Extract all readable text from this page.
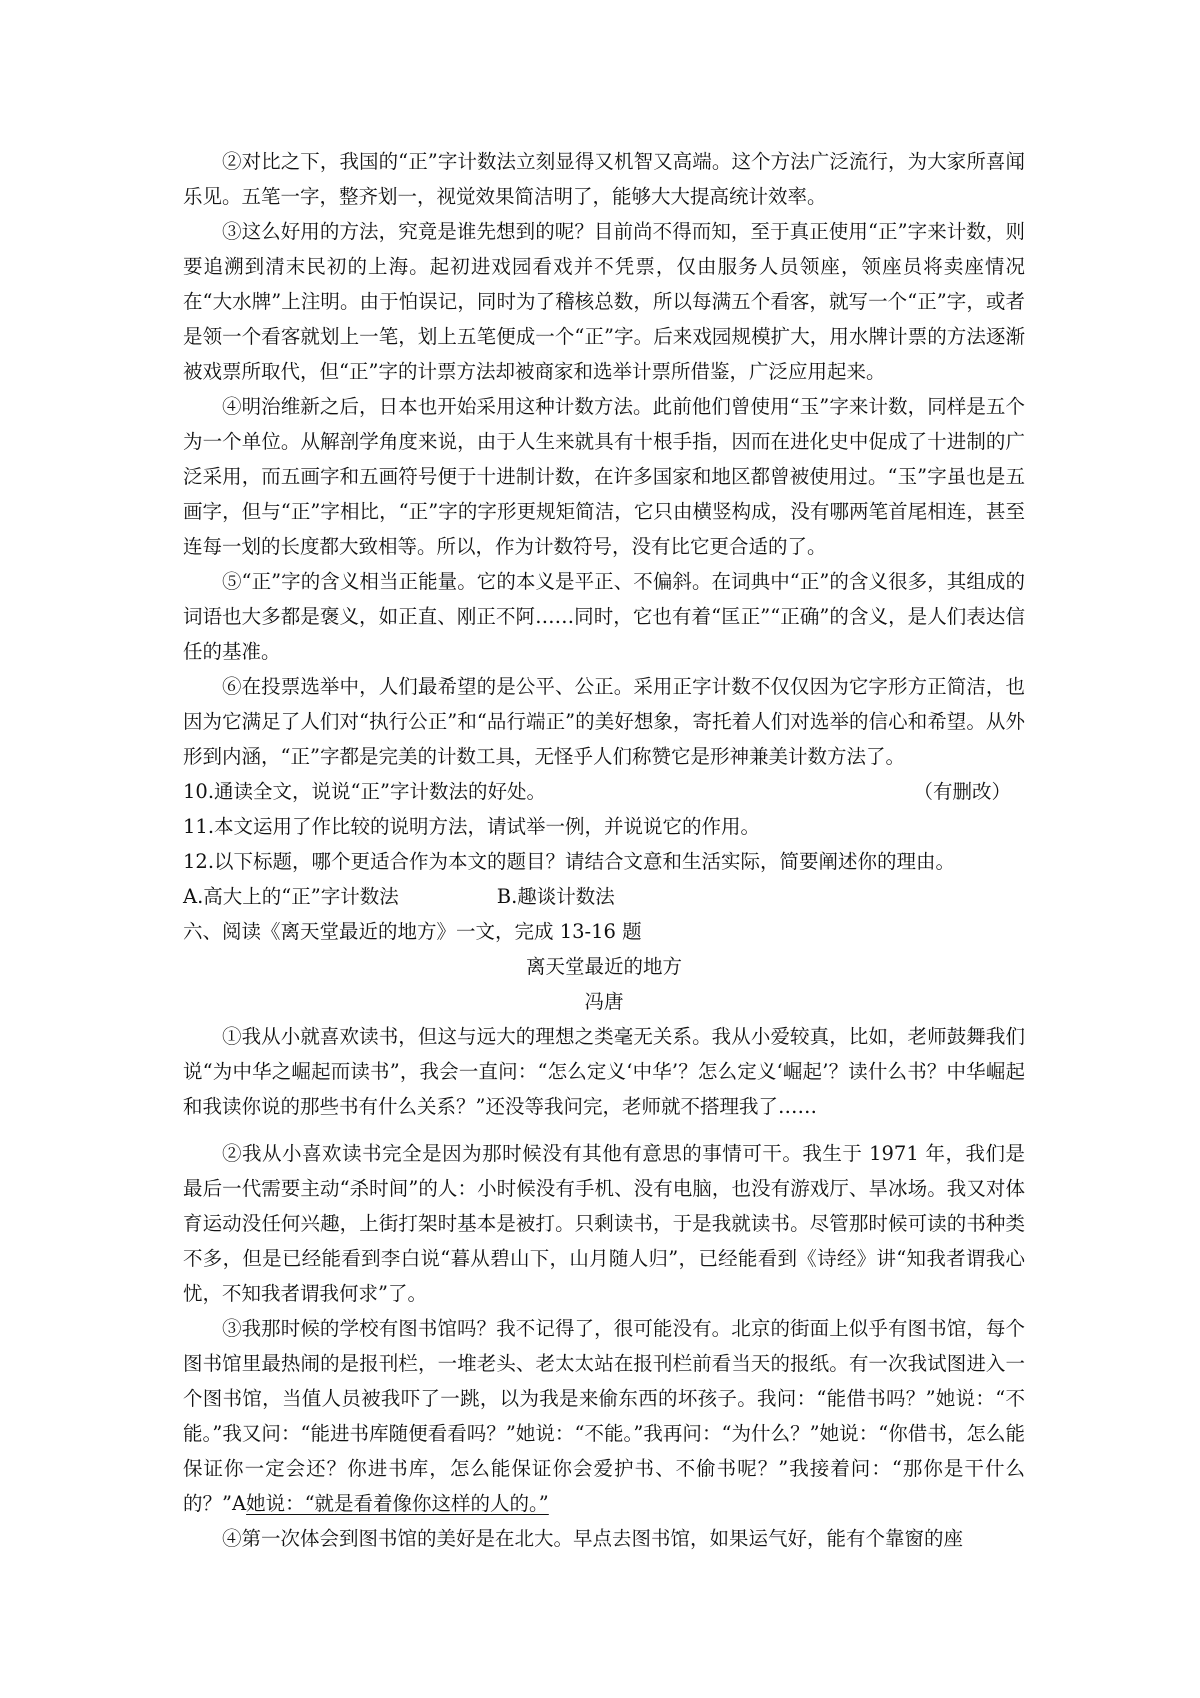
②对比之下，我国的“正”字计数法立刻显得又机智又高端。这个方法广泛流行，为大家所喜闻乐见。五笔一字，整齐划一，视觉效果简洁明了，能够大大提高统计效率。

③这么好用的方法，究竟是谁先想到的呢？目前尚不得而知，至于真正使用“正”字来计数，则要追溯到清末民初的上海。起初进戏园看戏并不凭票，仅由服务人员领座，领座员将卖座情况在“大水牌”上注明。由于怕误记，同时为了稽核总数，所以每满五个看客，就写一个“正”字，或者是领一个看客就划上一笔，划上五笔便成一个“正”字。后来戏园规模扩大，用水牌计票的方法逐渐被戏票所取代，但“正”字的计票方法却被商家和选举计票所借鉴，广泛应用起来。

④明治维新之后，日本也开始采用这种计数方法。此前他们曾使用“玉”字来计数，同样是五个为一个单位。从解剖学角度来说，由于人生来就具有十根手指，因而在进化史中促成了十进制的广泛采用，而五画字和五画符号便于十进制计数，在许多国家和地区都曾被使用过。“玉”字虽也是五画字，但与“正”字相比，“正”字的字形更规矩简洁，它只由横竖构成，没有哪两笔首尾相连，甚至连每一划的长度都大致相等。所以，作为计数符号，没有比它更合适的了。

⑤“正”字的含义相当正能量。它的本义是平正、不偏斜。在词典中“正”的含义很多，其组成的词语也大多都是褒义，如正直、刚正不阿……同时，它也有着“匡正”“正确”的含义，是人们表达信任的基准。

⑥在投票选举中，人们最希望的是公平、公正。采用正字计数不仅仅因为它字形方正简洁，也因为它满足了人们对“执行公正”和“品行端正”的美好想象，寄托着人们对选举的信心和希望。从外形到内涵，“正”字都是完美的计数工具，无怪乎人们称赞它是形神兼美计数方法了。
（有删改）

10.通读全文，说说“正”字计数法的好处。

11.本文运用了作比较的说明方法，请试举一例，并说说它的作用。

12.以下标题，哪个更适合作为本文的题目？请结合文意和生活实际，简要阐述你的理由。

A.高大上的“正”字计数法	B.趣谈计数法

六、阅读《离天堂最近的地方》一文，完成 13-16 题

离天堂最近的地方

冯唐

①我从小就喜欢读书，但这与远大的理想之类毫无关系。我从小爱较真，比如，老师鼓舞我们说“为中华之崛起而读书”，我会一直问：“怎么定义‘中华’？怎么定义‘崛起’？读什么书？中华崛起和我读你说的那些书有什么关系？”还没等我问完，老师就不搭理我了……

②我从小喜欢读书完全是因为那时候没有其他有意思的事情可干。我生于 1971 年，我们是最后一代需要主动“杀时间”的人：小时候没有手机、没有电脑，也没有游戏厅、旱冰场。我又对体育运动没任何兴趣，上街打架时基本是被打。只剩读书，于是我就读书。尽管那时候可读的书种类不多，但是已经能看到李白说“暮从碧山下，山月随人归”，已经能看到《诗经》讲“知我者谓我心忧，不知我者谓我何求”了。

③我那时候的学校有图书馆吗？我不记得了，很可能没有。北京的街面上似乎有图书馆，每个图书馆里最热闹的是报刊栏，一堆老头、老太太站在报刊栏前看当天的报纸。有一次我试图进入一个图书馆，当值人员被我吓了一跳，以为我是来偷东西的坏孩子。我问：“能借书吗？”她说：“不能。”我又问：“能进书库随便看看吗？”她说：“不能。”我再问：“为什么？”她说：“你借书，怎么能保证你一定会还？你进书库，怎么能保证你会爱护书、不偷书呢？”我接着问：“那你是干什么的？”A她说：“就是看着像你这样的人的。”

④第一次体会到图书馆的美好是在北大。早点去图书馆，如果运气好，能有个靠窗的座
